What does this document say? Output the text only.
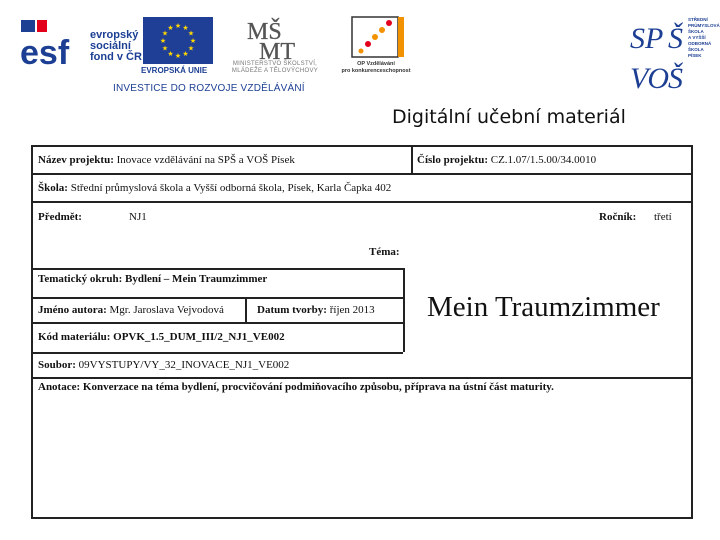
esf evropský
sociální
fond v ČR
★
★
★
★
★
★
★
★
★ ★ ★
★
EVROPSKÁ UNIE
MŠ
MT
MINISTERSTVO ŠKOLSTVÍ,
MLÁDEŽE A TĚLOVÝCHOVY
OP Vzdělávání
pro konkurenceschopnost
INVESTICE DO ROZVOJE VZDĚLÁVÁNÍ
SP
VO
Š
Š
STŘEDNÍ
PRŮMYSLOVÁ
ŠKOLA
A VYŠŠÍ
ODBORNÁ
ŠKOLA
PÍSEK
Digitální učební materiál
Název projektu: Inovace vzdělávání na SPŠ a VOŠ Písek	Číslo projektu: CZ.1.07/1.5.00/34.0010
Škola: Střední průmyslová škola a Vyšší odborná škola, Písek, Karla Čapka 402
Předmět:	NJ1	Ročník: třetí
Téma:
Tematický okruh: Bydlení – Mein Traumzimmer
Jméno autora: Mgr. Jaroslava Vejvodová	Datum tvorby: říjen 2013 Mein Traumzimmer
Kód materiálu: OPVK_1.5_DUM_III/2_NJ1_VE002
Soubor: 09VYSTUPY/VY_32_INOVACE_NJ1_VE002
Anotace: Konverzace na téma bydlení, procvičování podmiňovacího způsobu, příprava na ústní část maturity.
